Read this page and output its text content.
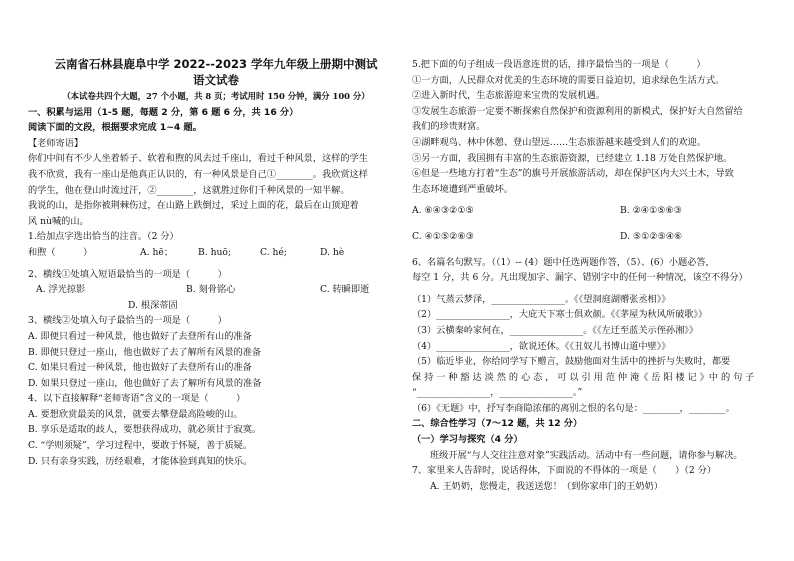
云南省石林县鹿阜中学 2022--2023 学年九年级上册期中测试
语文试卷
（本试卷共四个大题，27 个小题，共 8 页；考试用时 150 分钟，满分 100 分）
一、积累与运用（1-5 题，每题 2 分，第 6 题 6 分，共 16 分）
阅读下面的文段，根据要求完成 1~4 题。
【老师寄语】
你们中间有不少人坐着轿子、软着和煦的风去过千座山，看过千种风景，这样的学生
我不欣赏，我有一座山是他真正认识的，有一种风景是自己①________。我欣赏这样
的学生，他在登山时流过汗，②________，这就胜过你们千种风景的一知半解。
我说的山，是指你被荆棘伤过，在山路上跌倒过，采过上面的花，最后在山顶迎着
风 nù喊的山。
1.给加点字选出恰当的注音。（2 分）
和煦（　　　）	A. hē；	B. huō;	C. hé;	D. hè
2、横线①处填入短语最恰当的一项是（　　　）
A. 浮光掠影	B. 刻骨铭心	C. 转瞬即逝
D. 根深蒂固
3、横线②处填入句子最恰当的一项是（　　　）
A. 即便只看过一种风景，他也做好了去登所有山的准备
B. 即便只登过一座山，他也做好了去了解所有风景的准备
C. 如果只看过一种风景，他也做好了去登所有山的准备
D. 如果只登过一座山，他也做好了去了解所有风景的准备
4、以下直接解释“老师寄语”含义的一项是（　　　）
A. 要想欣赏最美的风景，就要去攀登最高险峻的山。
B. 享乐是适取的歧人，要想获得成功，就必须甘于寂寞。
C. “学则须疑”，学习过程中，要敢于怀疑，善于质疑。
D. 只有亲身实践，历经艰难，才能体验到真知的快乐。
5.把下面的句子组成一段语意连贯的话，排序最恰当的一项是（　　　）
①一方面，人民群众对优美的生态环境的需要日益迫切，追求绿色生活方式。
②进入新时代，生态旅游迎来宝贵的发展机遇。
③发展生态旅游一定要不断探索自然保护和资源利用的新模式，保护好大自然留给
我们的珍贵财富。
④湖畔观鸟、林中休憩、登山望远……生态旅游越来越受到人们的欢迎。
⑤另一方面，我国拥有丰富的生态旅游资源，已经建立 1.18 万处自然保护地。
⑥但是一些地方打着“生态”的旗号开展旅游活动，却在保护区内大兴土木，导致
生态环境遭到严重破坏。
A. ⑥④③②①⑤	B. ②④①⑤⑥③
C. ④①⑤②⑥③	D. ⑤①②⑤④⑥
6、名篇名句默写。（（1）-- (4）题中任选两题作答，（5）、(6）小题必答，
每空 1 分，共 6 分。凡出现加字、漏字、错别字中的任何一种情况，该空不得分）
（1）气蒸云梦泽，________________。《《望洞庭湖赠张丞相》》
（2）________________，大庇天下寒士俱欢颜。《《茅屋为秋风所破歌》》
（3）云横秦岭家何在，________________。《《左迁至蓝关示侄孙湘》》
（4）________________，欲说还休。《《丑奴儿书博山道中壁》》
（5）临近毕业，你给同学写下赠言，鼓励他面对生活中的挫折与失败时，都要
保 持 一 种 豁 达 淡 然 的 心 态 ， 可 以 引 用 范 仲 淹《 岳 阳 楼 记 》中 的 句 子
“________________，________________。”
（6）《无题》中，抒写李商隐浓郁的离别之恨的名句是：________，________。
二、综合性学习（7～12 题，共 12 分）
（一）学习与探究（4 分）
班级开展“与人交往注意对象”实践活动。活动中有一些问题，请你参与解决。
7、家里来人告辞时，说话得体，下面说的不得体的一项是（　　）（2 分）
A. 王奶奶，您慢走，我送送您！（到你家串门的王奶奶）
